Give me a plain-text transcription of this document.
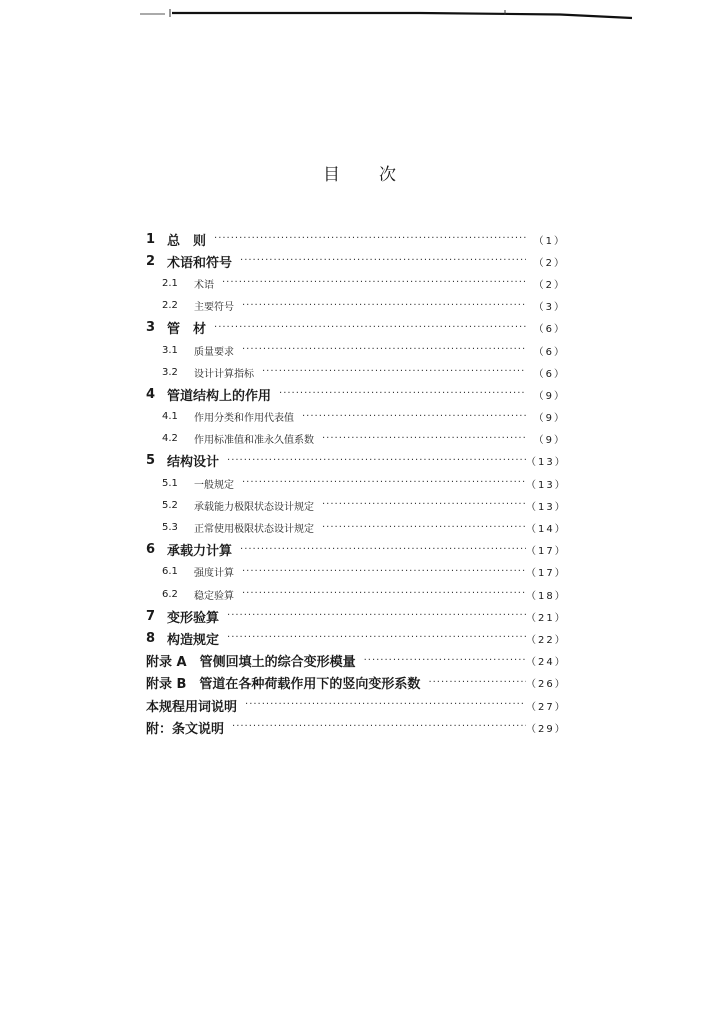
目 次
1 总　则 ·····	（1）
2 术语和符号 ·····	（2）
2.1	术语 ·····	（2）
2.2	主要符号 ·····	（3）
3 管　材 ·····	（6）
3.1	质量要求 ·····	（6）
3.2	设计计算指标 ·····	（6）
4 管道结构上的作用 ·····	（9）
4.1	作用分类和作用代表值 ·····	（9）
4.2	作用标准值和准永久值系数 ·····	（9）
5 结构设计 ·····	（13）
5.1	一般规定 ·····	（13）
5.2	承载能力极限状态设计规定 ·····	（13）
5.3	正常使用极限状态设计规定 ·····	（14）
6 承载力计算 ·····	（17）
6.1	强度计算 ·····	（17）
6.2	稳定验算 ·····	（18）
7 变形验算 ·····	（21）
8 构造规定 ·····	（22）
附录 A　管侧回填土的综合变形模量 ·····	（24）
附录 B　管道在各种荷载作用下的竖向变形系数 ·····	（26）
本规程用词说明 ·····	（27）
附：条文说明 ·····	（29）
